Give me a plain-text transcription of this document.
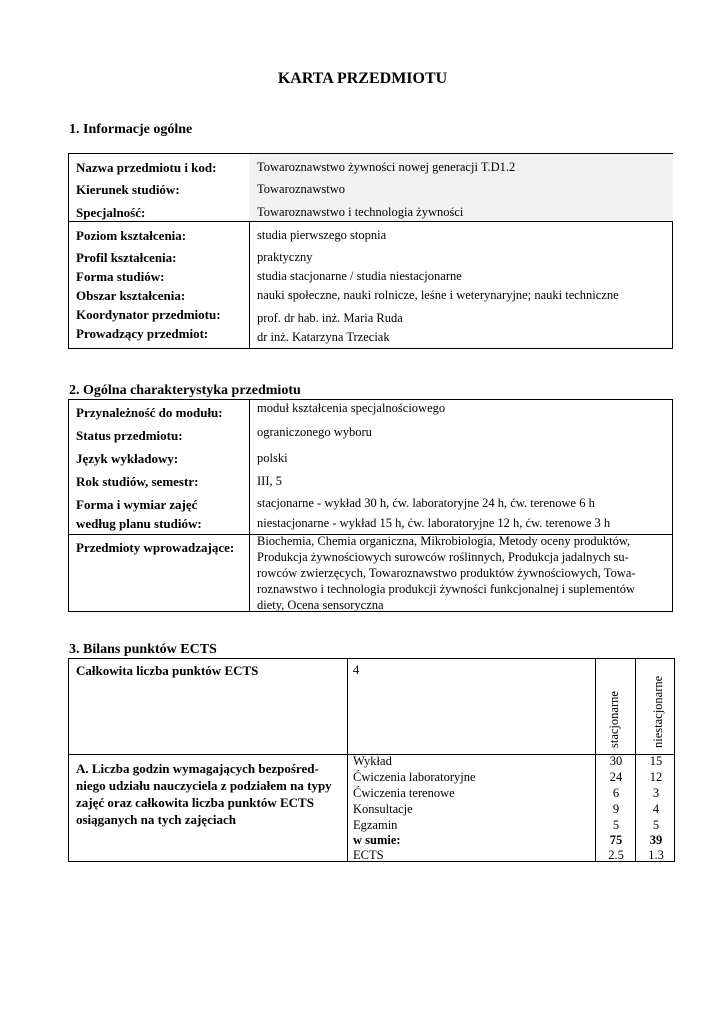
KARTA PRZEDMIOTU
1. Informacje ogólne
Nazwa przedmiotu i kod:	Towaroznawstwo żywności nowej generacji T.D1.2
Kierunek studiów:	Towaroznawstwo
Specjalność:	Towaroznawstwo i technologia żywności
Poziom kształcenia:	studia pierwszego stopnia
Profil kształcenia:	praktyczny
Forma studiów:	studia stacjonarne / studia niestacjonarne
Obszar kształcenia:	nauki społeczne, nauki rolnicze, leśne i weterynaryjne; nauki techniczne
Koordynator przedmiotu:	prof. dr hab. inż. Maria Ruda
Prowadzący przedmiot:	dr inż. Katarzyna Trzeciak
2. Ogólna charakterystyka przedmiotu
Przynależność do modułu:	moduł kształcenia specjalnościowego
Status przedmiotu:	ograniczonego wyboru
Język wykładowy:	polski
Rok studiów, semestr:	III, 5
Forma i wymiar zajęć
według planu studiów:
stacjonarne - wykład 30 h, ćw. laboratoryjne 24 h, ćw. terenowe 6 h
niestacjonarne - wykład 15 h, ćw. laboratoryjne 12 h, ćw. terenowe 3 h
Przedmioty wprowadzające: Biochemia, Chemia organiczna, Mikrobiologia, Metody oceny produktów,
Produkcja żywnościowych surowców roślinnych, Produkcja jadalnych su-
rowców zwierzęcych, Towaroznawstwo produktów żywnościowych, Towa-
roznawstwo i technologia produkcji żywności funkcjonalnej i suplementów
diety, Ocena sensoryczna
3. Bilans punktów ECTS
Całkowita liczba punktów ECTS	4
stacjonarne niestacjonarne
A. Liczba godzin wymagających bezpośred-
niego udziału nauczyciela z podziałem na typy
zajęć oraz całkowita liczba punktów ECTS
osiąganych na tych zajęciach
Wykład	30	15
Ćwiczenia laboratoryjne	24	12
Ćwiczenia terenowe	6	3
Konsultacje	9	4
Egzamin	5	5
w sumie:	75	39
ECTS	2.5	1.3
